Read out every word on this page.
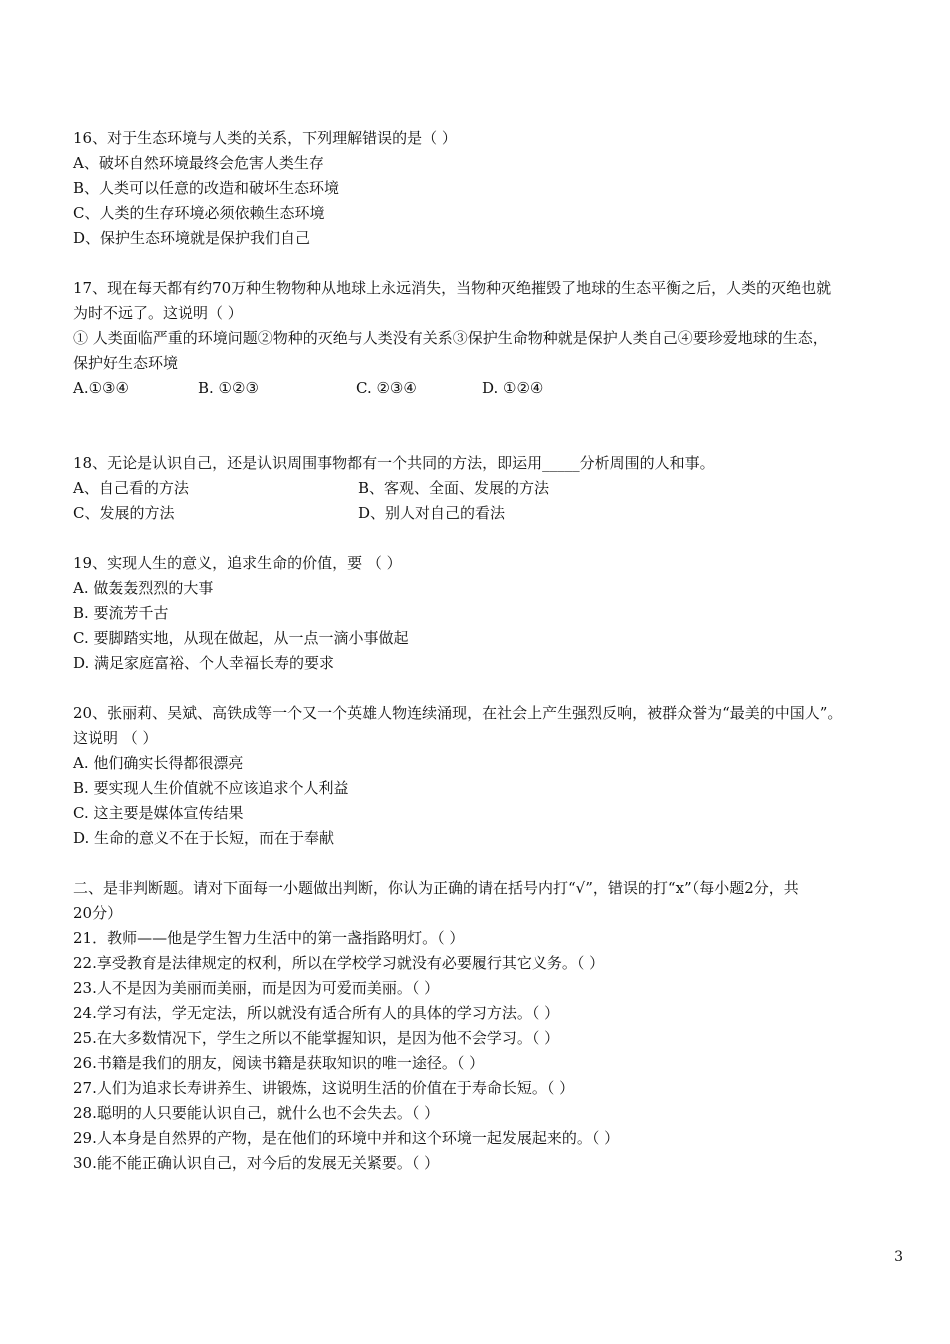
16、对于生态环境与人类的关系，下列理解错误的是（ ）
A、破坏自然环境最终会危害人类生存
B、人类可以任意的改造和破坏生态环境
C、人类的生存环境必须依赖生态环境
D、保护生态环境就是保护我们自己
17、现在每天都有约70万种生物物种从地球上永远消失，当物种灭绝摧毁了地球的生态平衡之后，人类的灭绝也就
为时不远了。这说明（ ）
① 人类面临严重的环境问题②物种的灭绝与人类没有关系③保护生命物种就是保护人类自己④要珍爱地球的生态，
保护好生态环境
A.①③④	B. ①②③	C. ②③④	D. ①②④
18、无论是认识自己，还是认识周围事物都有一个共同的方法，即运用_____分析周围的人和事。
A、自己看的方法	B、客观、全面、发展的方法
C、发展的方法	D、别人对自己的看法
19、实现人生的意义，追求生命的价值，要 （ ）
A. 做轰轰烈烈的大事
B. 要流芳千古
C. 要脚踏实地，从现在做起，从一点一滴小事做起
D. 满足家庭富裕、个人幸福长寿的要求
20、张丽莉、吴斌、高铁成等一个又一个英雄人物连续涌现，在社会上产生强烈反响，被群众誉为“最美的中国人”。
这说明 （ ）
A. 他们确实长得都很漂亮
B. 要实现人生价值就不应该追求个人利益
C. 这主要是媒体宣传结果
D. 生命的意义不在于长短，而在于奉献
二、是非判断题。请对下面每一小题做出判断，你认为正确的请在括号内打“√”，错误的打“x”（每小题2分，共
20分）
21．教师——他是学生智力生活中的第一盏指路明灯。（ ）
22.享受教育是法律规定的权利，所以在学校学习就没有必要履行其它义务。（ ）
23.人不是因为美丽而美丽，而是因为可爱而美丽。（ ）
24.学习有法，学无定法，所以就没有适合所有人的具体的学习方法。（ ）
25.在大多数情况下，学生之所以不能掌握知识，是因为他不会学习。（ ）
26.书籍是我们的朋友，阅读书籍是获取知识的唯一途径。（ ）
27.人们为追求长寿讲养生、讲锻炼，这说明生活的价值在于寿命长短。（ ）
28.聪明的人只要能认识自己，就什么也不会失去。（ ）
29.人本身是自然界的产物，是在他们的环境中并和这个环境一起发展起来的。（ ）
30.能不能正确认识自己，对今后的发展无关紧要。（ ）
3
